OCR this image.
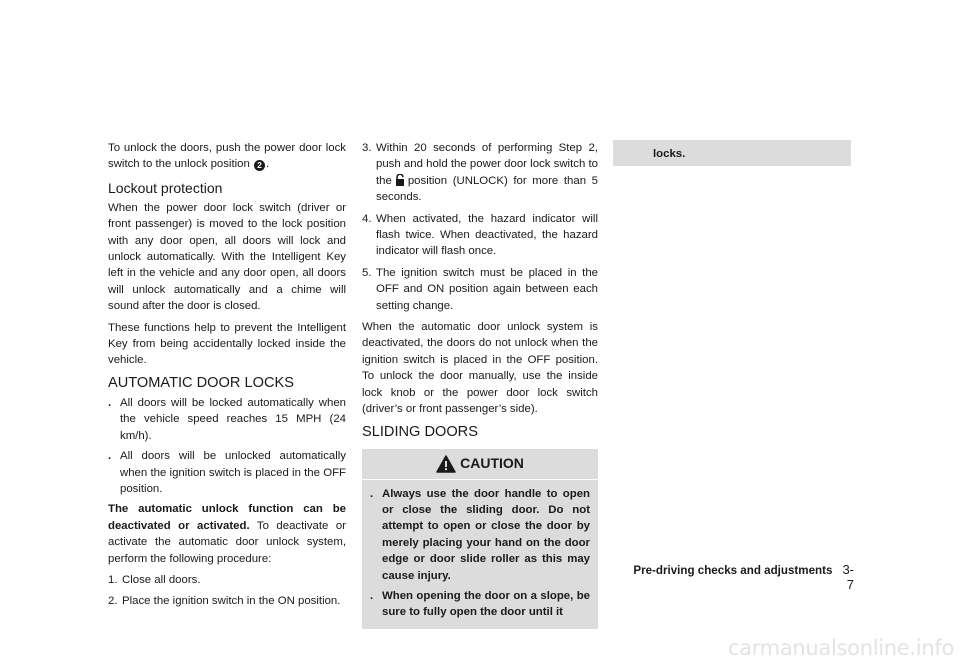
To unlock the doors, push the power door lock switch to the unlock position 2 .

Lockout protection

When the power door lock switch (driver or front passenger) is moved to the lock position with any door open, all doors will lock and unlock automatically. With the Intelligent Key left in the vehicle and any door open, all doors will unlock automatically and a chime will sound after the door is closed.

These functions help to prevent the Intelligent Key from being accidentally locked inside the vehicle.

AUTOMATIC DOOR LOCKS
. All doors will be locked automatically when the vehicle speed reaches 15 MPH (24 km/h).
. All doors will be unlocked automatically when the ignition switch is placed in the OFF position.

The automatic unlock function can be deactivated or activated. To deactivate or activate the automatic door unlock system, perform the following procedure:

1. Close all doors.
2. Place the ignition switch in the ON position.
3. Within 20 seconds of performing Step 2, push and hold the power door lock switch to the position (UNLOCK) for more than 5 seconds.
4. When activated, the hazard indicator will flash twice. When deactivated, the hazard indicator will flash once.
5. The ignition switch must be placed in the OFF and ON position again between each setting change.

When the automatic door unlock system is deactivated, the doors do not unlock when the ignition switch is placed in the OFF position. To unlock the door manually, use the inside lock knob or the power door lock switch (driver’s or front passenger’s side).

SLIDING DOORS
CAUTION
. Always use the door handle to open or close the sliding door. Do not attempt to open or close the door by merely placing your hand on the door edge or door slide roller as this may cause injury.
. When opening the door on a slope, be sure to fully open the door until it
locks.
Pre-driving checks and adjustments 3-7
carmanualsonline.info
